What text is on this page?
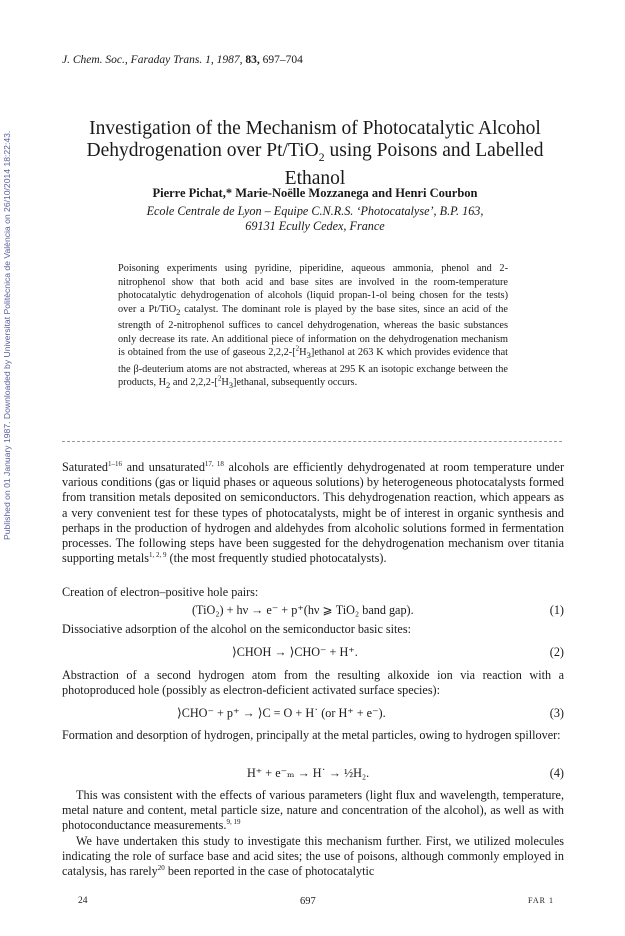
Published on 01 January 1987. Downloaded by Universitat Politècnica de València on 26/10/2014 18:22:43.
J. Chem. Soc., Faraday Trans. 1, 1987, 83, 697–704
Investigation of the Mechanism of Photocatalytic Alcohol
Dehydrogenation over Pt/TiO$_2$ using Poisons and Labelled
Ethanol
Pierre Pichat,* Marie-Noëlle Mozzanega and Henri Courbon
Ecole Centrale de Lyon – Equipe C.N.R.S. ‘Photocatalyse’, B.P. 163,
69131 Ecully Cedex, France
Poisoning experiments using pyridine, piperidine, aqueous ammonia, phenol and 2-nitrophenol show that both acid and base sites are involved in the room-temperature photocatalytic dehydrogenation of alcohols (liquid propan-1-ol being chosen for the tests) over a Pt/TiO$_2$ catalyst. The dominant role is played by the base sites, since an acid of the strength of 2-nitrophenol suffices to cancel dehydrogenation, whereas the basic substances only decrease its rate. An additional piece of information on the dehydrogenation mechanism is obtained from the use of gaseous $2,2,2-[^2H_3]ethanol$ at 263 K which provides evidence that the β-deuterium atoms are not abstracted, whereas at 295 K an isotopic exchange between the products, $H_2$ and $2,2,2-[^2H_3]ethanal$, subsequently occurs.
Saturated$^{1-16}$ and unsaturated$^{17, 18}$ alcohols are efficiently dehydrogenated at room temperature under various conditions (gas or liquid phases or aqueous solutions) by heterogeneous photocatalysts formed from transition metals deposited on semiconductors. This dehydrogenation reaction, which appears as a very convenient test for these types of photocatalysts, might be of interest in organic synthesis and perhaps in the production of hydrogen and aldehydes from alcoholic solutions formed in fermentation processes. The following steps have been suggested for the dehydrogenation mechanism over titania supporting metals$^{1, 2, 9}$ (the most frequently studied photocatalysts).
Creation of electron–positive hole pairs:
(TiO₂) + hν → e⁻ + p⁺(hν ⩾ TiO₂ band gap).	(1)
Dissociative adsorption of the alcohol on the semiconductor basic sites:
⟩CHOH → ⟩CHO⁻ + H⁺.	(2)
Abstraction of a second hydrogen atom from the resulting alkoxide ion via reaction with a photoproduced hole (possibly as electron-deficient activated surface species):
⟩CHO⁻ + p⁺ → ⟩C = O + H˙ (or H⁺ + e⁻).	(3)
Formation and desorption of hydrogen, principally at the metal particles, owing to hydrogen spillover:
H⁺ + e⁻ₘ → H˙ → ½H₂.	(4)
This was consistent with the effects of various parameters (light flux and wavelength, temperature, metal nature and content, metal particle size, nature and concentration of the alcohol), as well as with photoconductance measurements.$^{9, 19}$
We have undertaken this study to investigate this mechanism further. First, we utilized molecules indicating the role of surface base and acid sites; the use of poisons, although commonly employed in catalysis, has rarely$^{20}$ been reported in the case of photocatalytic
24	697	FAR 1
